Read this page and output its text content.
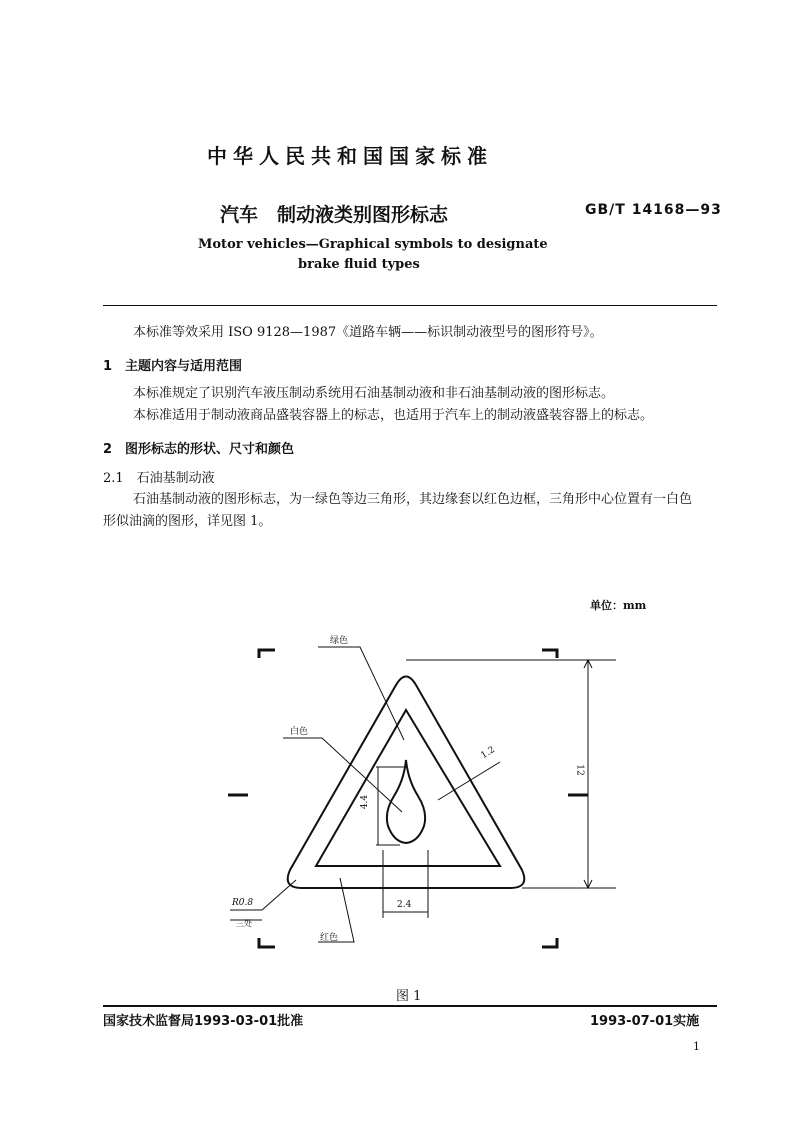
中华人民共和国国家标准
汽车　制动液类别图形标志	GB/T 14168—93
Motor vehicles—Graphical symbols to designate
brake fluid types
本标准等效采用 ISO 9128—1987《道路车辆——标识制动液型号的图形符号》。
1　主题内容与适用范围
本标准规定了识别汽车液压制动系统用石油基制动液和非石油基制动液的图形标志。
本标准适用于制动液商品盛装容器上的标志，也适用于汽车上的制动液盛装容器上的标志。
2　图形标志的形状、尺寸和颜色
2.1　石油基制动液
石油基制动液的图形标志，为一绿色等边三角形，其边缘套以红色边框，三角形中心位置有一白色
形似油滴的图形，详见图 1。
单位：mm
绿色
白色
红色
R0.8
三处
1.2
12
4.4
2.4
图 1
国家技术监督局1993-03-01批准	1993-07-01实施
1
